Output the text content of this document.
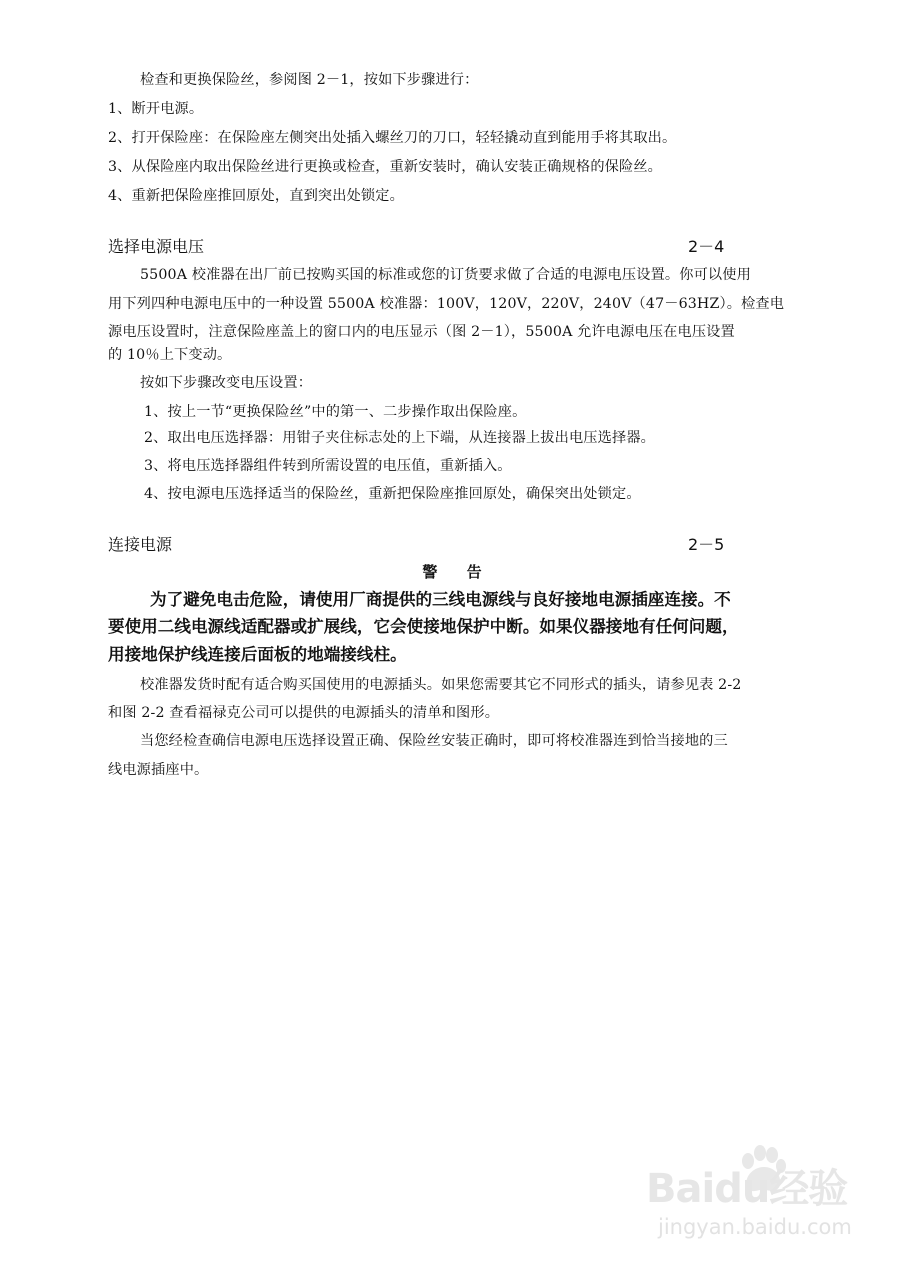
检查和更换保险丝，参阅图 2－1，按如下步骤进行：
1、断开电源。
2、打开保险座：在保险座左侧突出处插入螺丝刀的刀口，轻轻撬动直到能用手将其取出。
3、从保险座内取出保险丝进行更换或检查，重新安装时，确认安装正确规格的保险丝。
4、重新把保险座推回原处，直到突出处锁定。
选择电源电压	2－4
5500A 校准器在出厂前已按购买国的标准或您的订货要求做了合适的电源电压设置。你可以使用
用下列四种电源电压中的一种设置 5500A 校准器：100V，120V，220V，240V（47－63HZ）。检查电
源电压设置时，注意保险座盖上的窗口内的电压显示（图 2－1），5500A 允许电源电压在电压设置
的 10％上下变动。
按如下步骤改变电压设置：
1、按上一节“更换保险丝”中的第一、二步操作取出保险座。
2、取出电压选择器：用钳子夹住标志处的上下端，从连接器上拔出电压选择器。
3、将电压选择器组件转到所需设置的电压值，重新插入。
4、按电源电压选择适当的保险丝，重新把保险座推回原处，确保突出处锁定。
连接电源	2－5
警 告
为了避免电击危险，请使用厂商提供的三线电源线与良好接地电源插座连接。不
要使用二线电源线适配器或扩展线，它会使接地保护中断。如果仪器接地有任何问题，
用接地保护线连接后面板的地端接线柱。
校准器发货时配有适合购买国使用的电源插头。如果您需要其它不同形式的插头，请参见表 2-2
和图 2-2 查看福禄克公司可以提供的电源插头的清单和图形。
当您经检查确信电源电压选择设置正确、保险丝安装正确时，即可将校准器连到恰当接地的三
线电源插座中。
Baidu经验
jingyan.baidu.com
